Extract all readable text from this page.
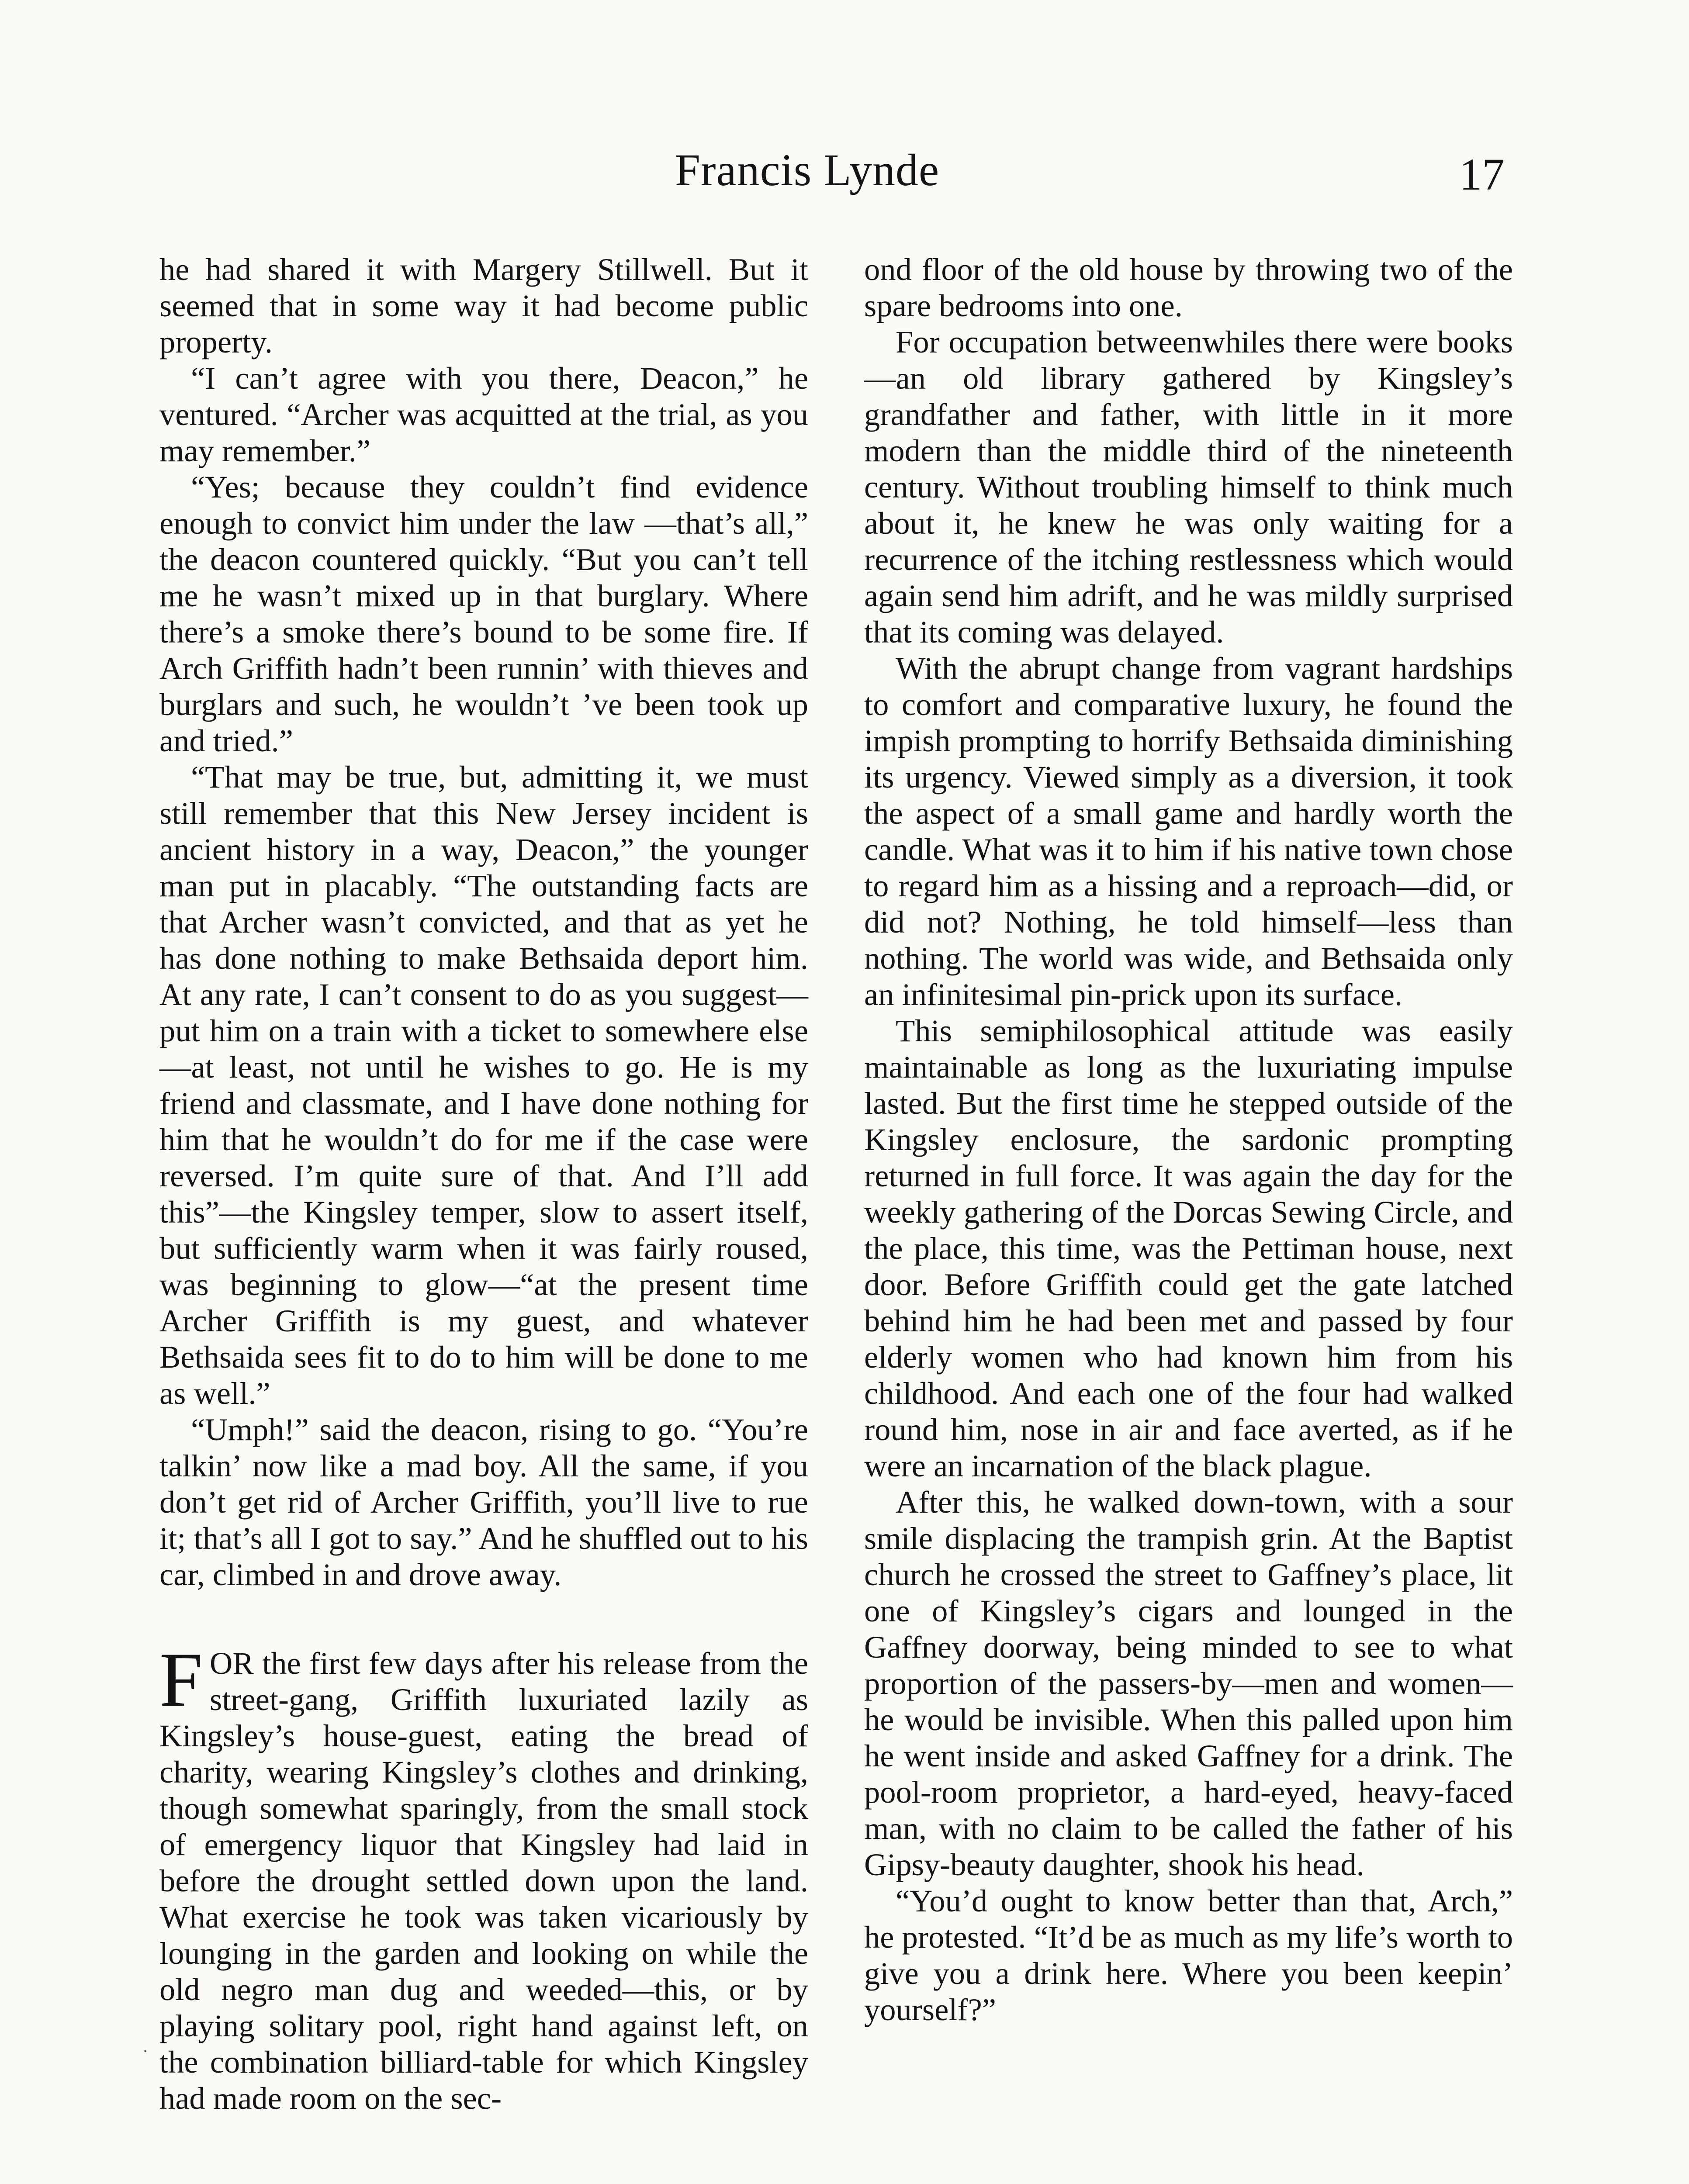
Francis Lynde	17

he had shared it with Margery Stillwell. But it seemed that in some way it had become public property.

“I can’t agree with you there, Deacon,” he ventured. “Archer was acquitted at the trial, as you may remember.”

“Yes; because they couldn’t find evidence enough to convict him under the law —that’s all,” the deacon countered quickly. “But you can’t tell me he wasn’t mixed up in that burglary. Where there’s a smoke there’s bound to be some fire. If Arch Griffith hadn’t been runnin’ with thieves and burglars and such, he wouldn’t ’ve been took up and tried.”

“That may be true, but, admitting it, we must still remember that this New Jersey incident is ancient history in a way, Deacon,” the younger man put in placably. “The outstanding facts are that Archer wasn’t convicted, and that as yet he has done nothing to make Bethsaida deport him. At any rate, I can’t consent to do as you suggest—put him on a train with a ticket to somewhere else—at least, not until he wishes to go. He is my friend and classmate, and I have done nothing for him that he wouldn’t do for me if the case were reversed. I’m quite sure of that. And I’ll add this”—the Kingsley temper, slow to assert itself, but sufficiently warm when it was fairly roused, was beginning to glow—“at the present time Archer Griffith is my guest, and whatever Bethsaida sees fit to do to him will be done to me as well.”

“Umph!” said the deacon, rising to go. “You’re talkin’ now like a mad boy. All the same, if you don’t get rid of Archer Griffith, you’ll live to rue it; that’s all I got to say.” And he shuffled out to his car, climbed in and drove away.

FOR the first few days after his release from the street-gang, Griffith luxuriated lazily as Kingsley’s house-guest, eating the bread of charity, wearing Kingsley’s clothes and drinking, though somewhat sparingly, from the small stock of emergency liquor that Kingsley had laid in before the drought settled down upon the land. What exercise he took was taken vicariously by lounging in the garden and looking on while the old negro man dug and weeded—this, or by playing solitary pool, right hand against left, on the combination billiard-table for which Kingsley had made room on the sec-

ond floor of the old house by throwing two of the spare bedrooms into one.

For occupation betweenwhiles there were books—an old library gathered by Kingsley’s grandfather and father, with little in it more modern than the middle third of the nineteenth century. Without troubling himself to think much about it, he knew he was only waiting for a recurrence of the itching restlessness which would again send him adrift, and he was mildly surprised that its coming was delayed.

With the abrupt change from vagrant hardships to comfort and comparative luxury, he found the impish prompting to horrify Bethsaida diminishing its urgency. Viewed simply as a diversion, it took the aspect of a small game and hardly worth the candle. What was it to him if his native town chose to regard him as a hissing and a reproach—did, or did not? Nothing, he told himself—less than nothing. The world was wide, and Bethsaida only an infinitesimal pin-prick upon its surface.

This semiphilosophical attitude was easily maintainable as long as the luxuriating impulse lasted. But the first time he stepped outside of the Kingsley enclosure, the sardonic prompting returned in full force. It was again the day for the weekly gathering of the Dorcas Sewing Circle, and the place, this time, was the Pettiman house, next door. Before Griffith could get the gate latched behind him he had been met and passed by four elderly women who had known him from his childhood. And each one of the four had walked round him, nose in air and face averted, as if he were an incarnation of the black plague.

After this, he walked down-town, with a sour smile displacing the trampish grin. At the Baptist church he crossed the street to Gaffney’s place, lit one of Kingsley’s cigars and lounged in the Gaffney doorway, being minded to see to what proportion of the passers-by—men and women—he would be invisible. When this palled upon him he went inside and asked Gaffney for a drink. The pool-room proprietor, a hard-eyed, heavy-faced man, with no claim to be called the father of his Gipsy-beauty daughter, shook his head.

“You’d ought to know better than that, Arch,” he protested. “It’d be as much as my life’s worth to give you a drink here. Where you been keepin’ yourself?”

·
